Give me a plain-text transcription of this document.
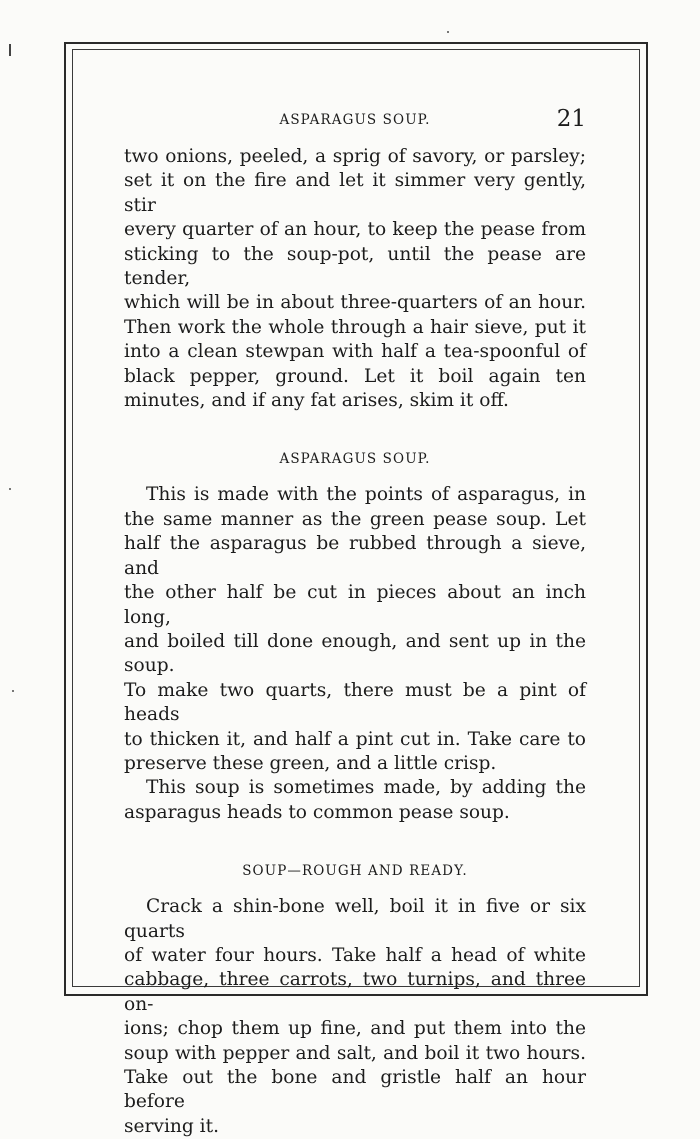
ASPARAGUS SOUP.	21

two onions, peeled, a sprig of savory, or parsley;

set it on the fire and let it simmer very gently, stir

every quarter of an hour, to keep the pease from

sticking to the soup-pot, until the pease are tender,

which will be in about three-quarters of an hour.

Then work the whole through a hair sieve, put it

into a clean stewpan with half a tea-spoonful of

black pepper, ground. Let it boil again ten

minutes, and if any fat arises, skim it off.

ASPARAGUS SOUP.

This is made with the points of asparagus, in

the same manner as the green pease soup. Let

half the asparagus be rubbed through a sieve, and

the other half be cut in pieces about an inch long,

and boiled till done enough, and sent up in the soup.

To make two quarts, there must be a pint of heads

to thicken it, and half a pint cut in. Take care to

preserve these green, and a little crisp.

This soup is sometimes made, by adding the

asparagus heads to common pease soup.

SOUP—ROUGH AND READY.

Crack a shin-bone well, boil it in five or six quarts

of water four hours. Take half a head of white

cabbage, three carrots, two turnips, and three on-

ions; chop them up fine, and put them into the

soup with pepper and salt, and boil it two hours.

Take out the bone and gristle half an hour before

serving it.
